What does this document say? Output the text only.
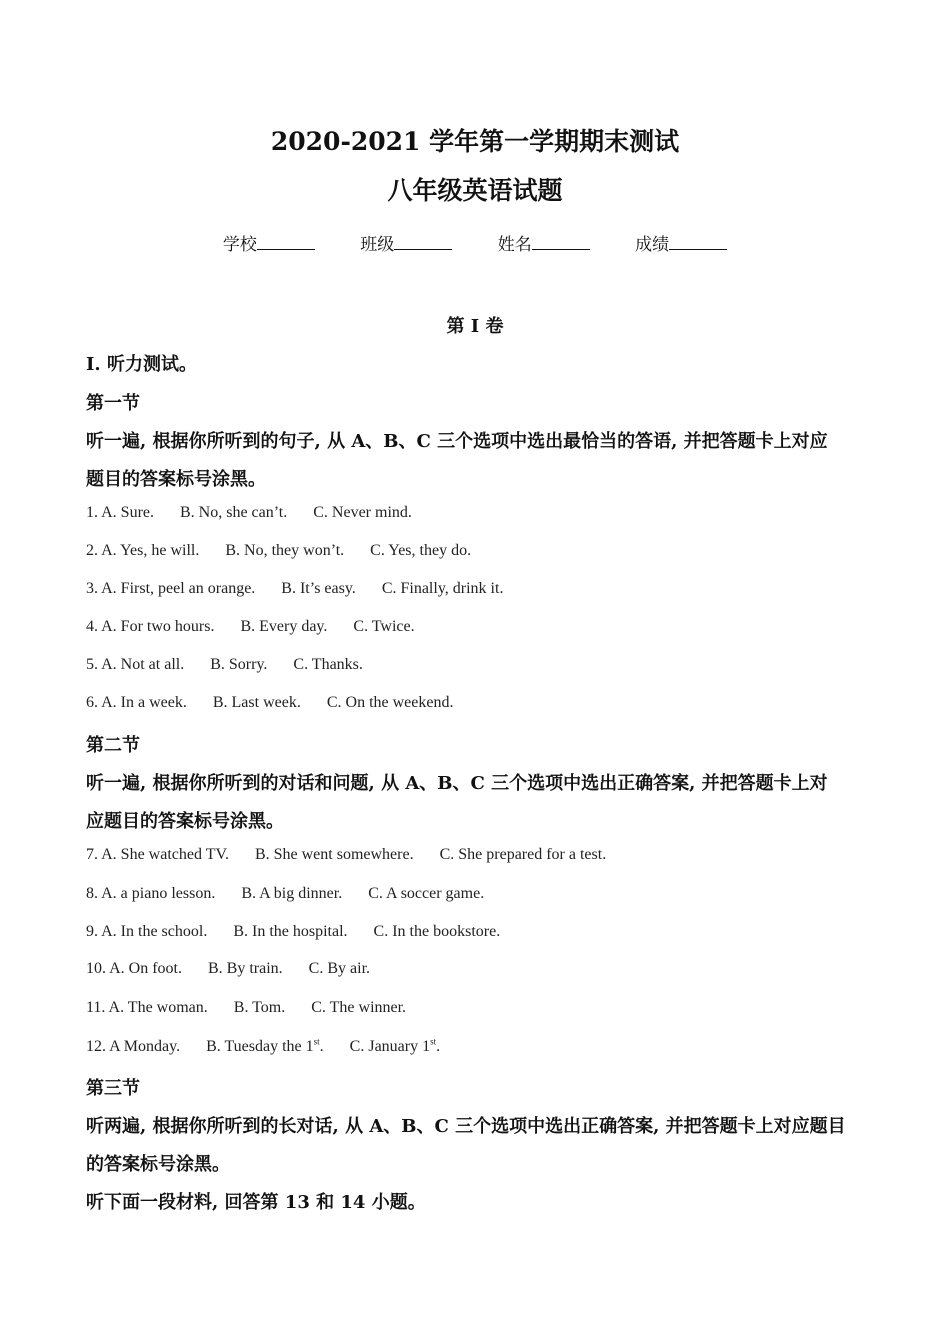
2020-2021 学年第一学期期末测试
八年级英语试题
学校	班级	姓名	成绩
第 I 卷
Ⅰ. 听力测试。
第一节
听一遍, 根据你所听到的句子, 从 A、B、C 三个选项中选出最恰当的答语, 并把答题卡上对应
题目的答案标号涂黑。
1. A. Sure. B. No, she can’t. C. Never mind.
2. A. Yes, he will. B. No, they won’t. C. Yes, they do.
3. A. First, peel an orange. B. It’s easy. C. Finally, drink it.
4. A. For two hours. B. Every day. C. Twice.
5. A. Not at all. B. Sorry. C. Thanks.
6. A. In a week. B. Last week. C. On the weekend.
第二节
听一遍, 根据你所听到的对话和问题, 从 A、B、C 三个选项中选出正确答案, 并把答题卡上对
应题目的答案标号涂黑。
7. A. She watched TV. B. She went somewhere. C. She prepared for a test.
8. A. a piano lesson. B. A big dinner. C. A soccer game.
9. A. In the school. B. In the hospital. C. In the bookstore.
10. A. On foot. B. By train. C. By air.
11. A. The woman. B. Tom. C. The winner.
12. A Monday. B. Tuesday the 1st. C. January 1st.
第三节
听两遍, 根据你所听到的长对话, 从 A、B、C 三个选项中选出正确答案, 并把答题卡上对应题目
的答案标号涂黑。
听下面一段材料, 回答第 13 和 14 小题。
